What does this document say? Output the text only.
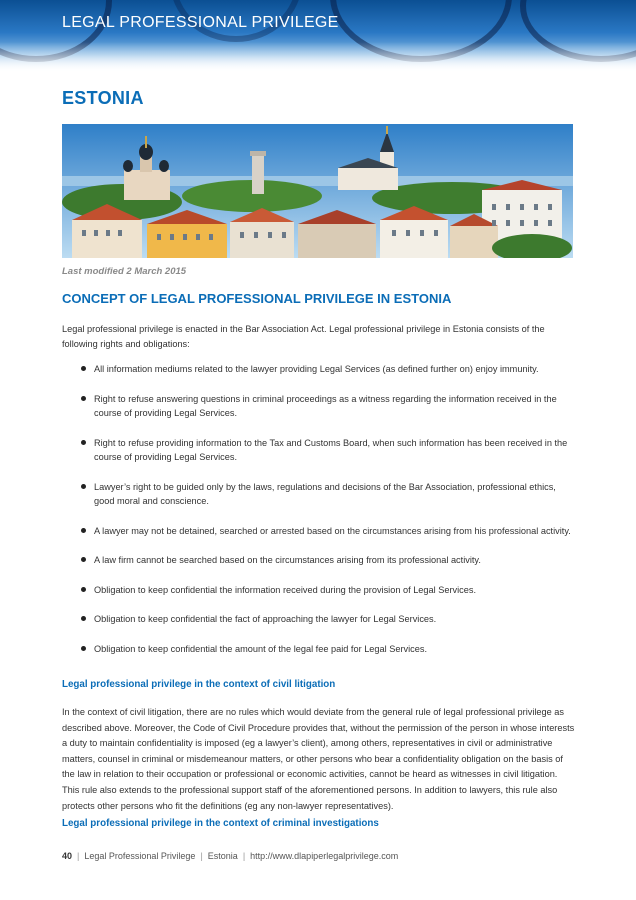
LEGAL PROFESSIONAL PRIVILEGE
ESTONIA

Last modified 2 March 2015

CONCEPT OF LEGAL PROFESSIONAL PRIVILEGE IN ESTONIA

Legal professional privilege is enacted in the Bar Association Act. Legal professional privilege in Estonia consists of the following rights and obligations:

All information mediums related to the lawyer providing Legal Services (as defined further on) enjoy immunity.
Right to refuse answering questions in criminal proceedings as a witness regarding the information received in the course of providing Legal Services.
Right to refuse providing information to the Tax and Customs Board, when such information has been received in the course of providing Legal Services.
Lawyer’s right to be guided only by the laws, regulations and decisions of the Bar Association, professional ethics, good moral and conscience.
A lawyer may not be detained, searched or arrested based on the circumstances arising from his professional activity.
A law firm cannot be searched based on the circumstances arising from its professional activity.
Obligation to keep confidential the information received during the provision of Legal Services.
Obligation to keep confidential the fact of approaching the lawyer for Legal Services.
Obligation to keep confidential the amount of the legal fee paid for Legal Services.
Legal professional privilege in the context of civil litigation

In the context of civil litigation, there are no rules which would deviate from the general rule of legal professional privilege as described above. Moreover, the Code of Civil Procedure provides that, without the permission of the person in whose interests a duty to maintain confidentiality is imposed (eg a lawyer’s client), among others, representatives in civil or administrative matters, counsel in criminal or misdemeanour matters, or other persons who bear a confidentiality obligation on the basis of the law in relation to their occupation or professional or economic activities, cannot be heard as witnesses in civil litigation. This rule also extends to the professional support staff of the aforementioned persons. In addition to lawyers, this rule also protects other persons who fit the definitions (eg any non-lawyer representatives).

Legal professional privilege in the context of criminal investigations

40 | Legal Professional Privilege | Estonia | http://www.dlapiperlegalprivilege.com
